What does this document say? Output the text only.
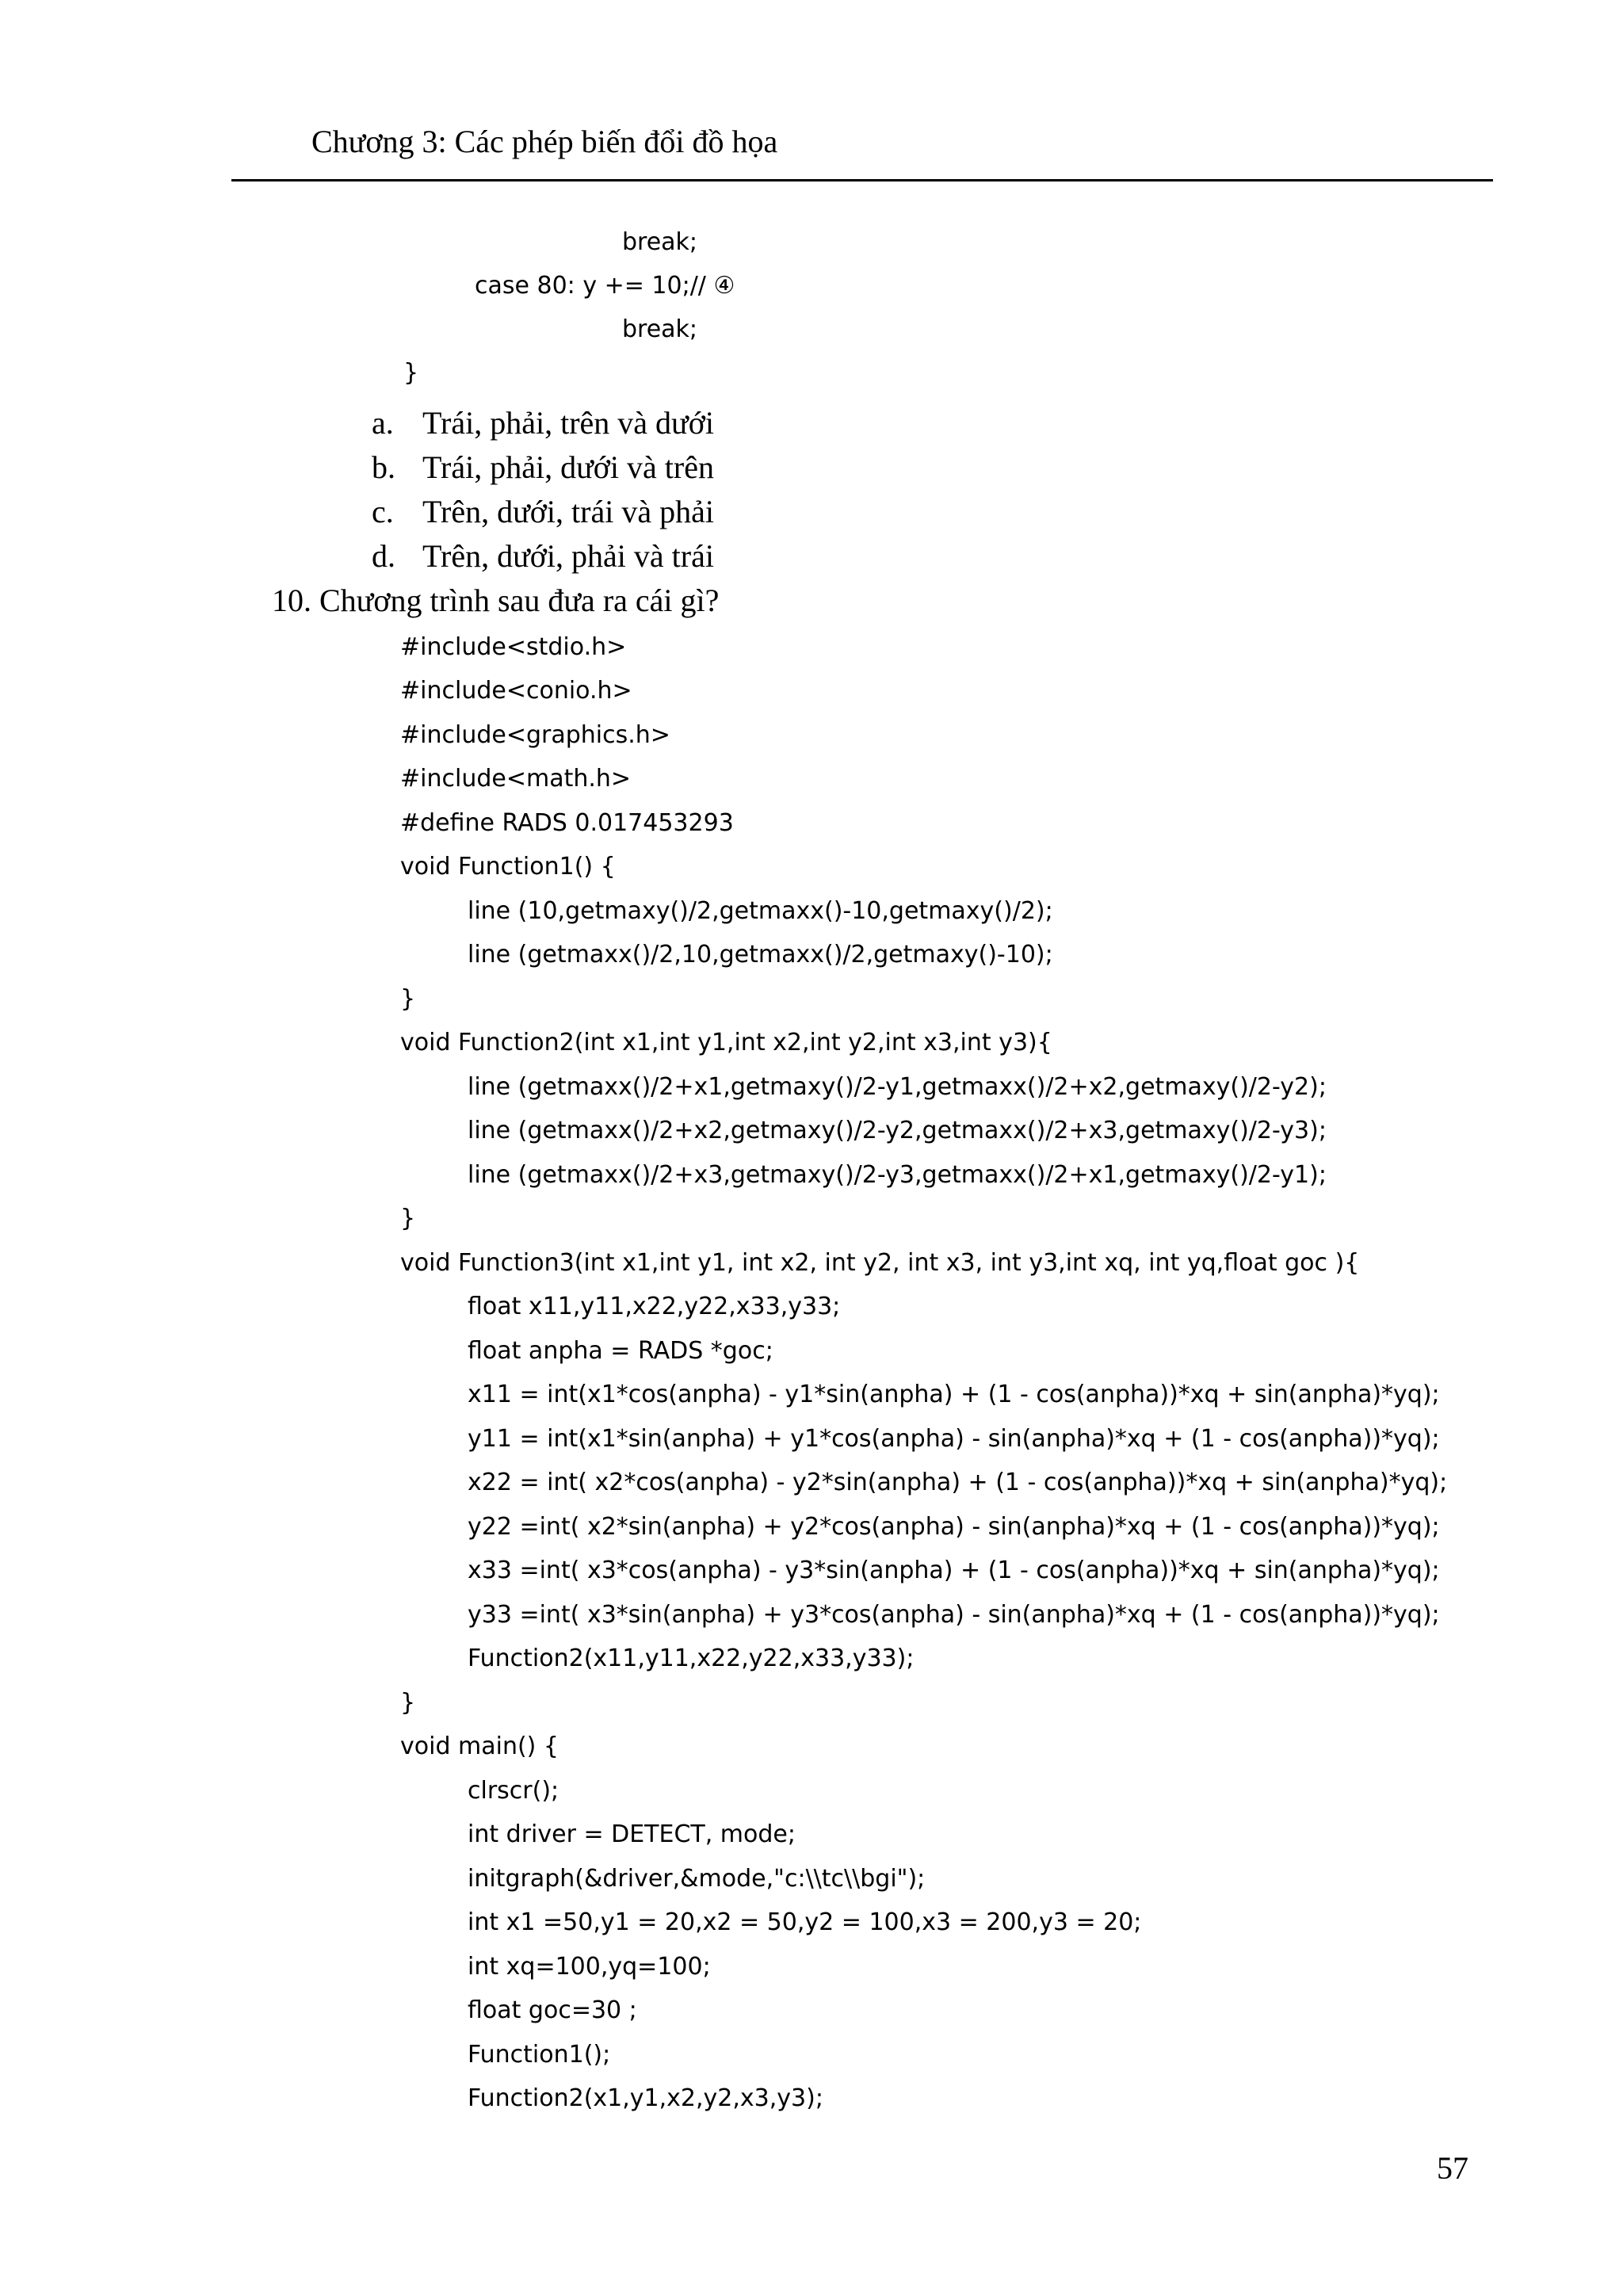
Chương 3: Các phép biến đổi đồ họa
break;
case 80: y += 10;// ④
break;
}
a. Trái, phải, trên và dưới
b. Trái, phải, dưới và trên
c. Trên, dưới, trái và phải
d. Trên, dưới, phải và trái
10. Chương trình sau đưa ra cái gì?
#include<stdio.h>
#include<conio.h>
#include<graphics.h>
#include<math.h>
#define RADS 0.017453293
void Function1() {
line (10,getmaxy()/2,getmaxx()-10,getmaxy()/2);
line (getmaxx()/2,10,getmaxx()/2,getmaxy()-10);
}
void Function2(int x1,int y1,int x2,int y2,int x3,int y3){
line (getmaxx()/2+x1,getmaxy()/2-y1,getmaxx()/2+x2,getmaxy()/2-y2);
line (getmaxx()/2+x2,getmaxy()/2-y2,getmaxx()/2+x3,getmaxy()/2-y3);
line (getmaxx()/2+x3,getmaxy()/2-y3,getmaxx()/2+x1,getmaxy()/2-y1);
}
void Function3(int x1,int y1, int x2, int y2, int x3, int y3,int xq, int yq,float goc ){
float x11,y11,x22,y22,x33,y33;
float anpha = RADS *goc;
x11 = int(x1*cos(anpha) - y1*sin(anpha) + (1 - cos(anpha))*xq + sin(anpha)*yq);
y11 = int(x1*sin(anpha) + y1*cos(anpha) - sin(anpha)*xq + (1 - cos(anpha))*yq);
x22 = int( x2*cos(anpha) - y2*sin(anpha) + (1 - cos(anpha))*xq + sin(anpha)*yq);
y22 =int( x2*sin(anpha) + y2*cos(anpha) - sin(anpha)*xq + (1 - cos(anpha))*yq);
x33 =int( x3*cos(anpha) - y3*sin(anpha) + (1 - cos(anpha))*xq + sin(anpha)*yq);
y33 =int( x3*sin(anpha) + y3*cos(anpha) - sin(anpha)*xq + (1 - cos(anpha))*yq);
Function2(x11,y11,x22,y22,x33,y33);
}
void main() {
clrscr();
int driver = DETECT, mode;
initgraph(&driver,&mode,"c:\\tc\\bgi");
int x1 =50,y1 = 20,x2 = 50,y2 = 100,x3 = 200,y3 = 20;
int xq=100,yq=100;
float goc=30 ;
Function1();
Function2(x1,y1,x2,y2,x3,y3);
57
